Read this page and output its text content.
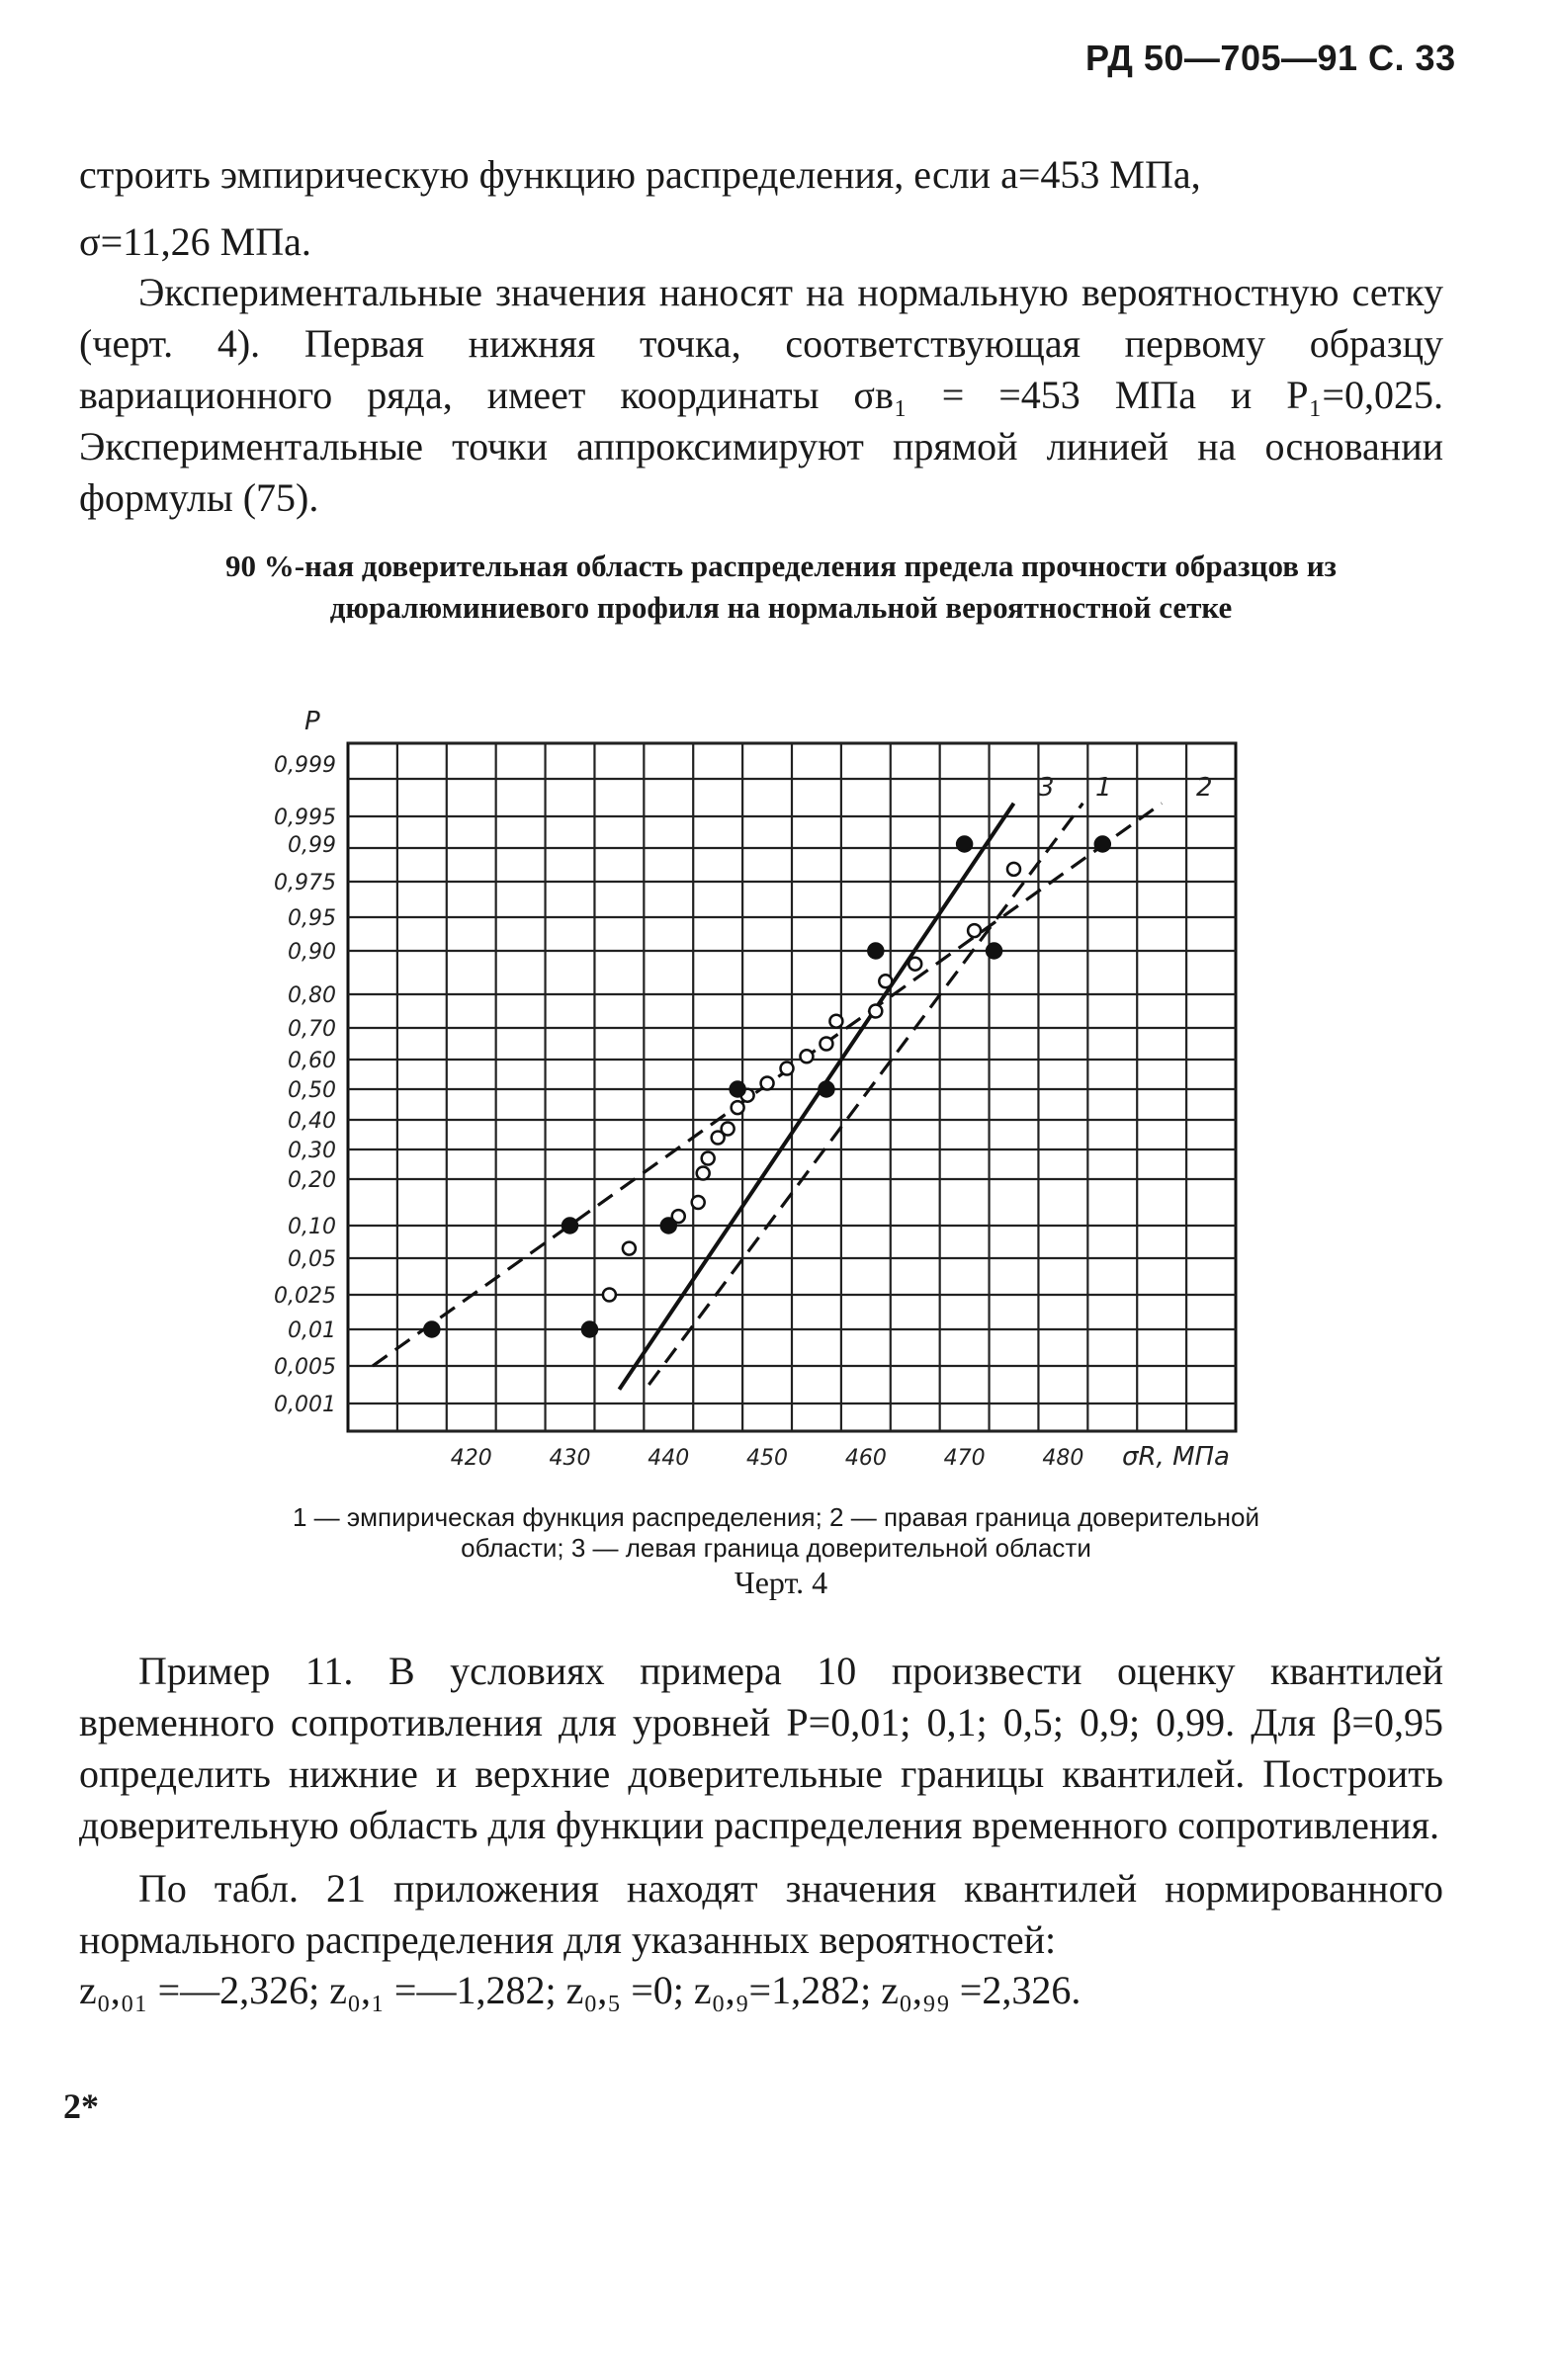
РД 50—705—91 С. 33
строить эмпирическую функцию распределения, если а=453 МПа,
σ=11,26 МПа.
Экспериментальные значения наносят на нормальную вероятностную сетку (черт. 4). Первая нижняя точка, соответствующая первому образцу вариационного ряда, имеет координаты σв₁ = =453 МПа и P₁=0,025. Экспериментальные точки аппроксимируют прямой линией на основании формулы (75).
90 %-ная доверительная область распределения предела прочности образцов из дюралюминиевого профиля на нормальной вероятностной сетке
0,999
0,995
0,99
0,975
0,95
0,90
0,80
0,70
0,60
0,50
0,40
0,30
0,20
0,10
0,05
0,025
0,01
0,005
0,001
420	430	440	450	460	470	480
P
σR, МПа
3 1	2
1 — эмпирическая функция распределения; 2 — правая граница доверительной области; 3 — левая граница доверительной области
Черт. 4
Пример 11. В условиях примера 10 произвести оценку квантилей временного сопротивления для уровней P=0,01; 0,1; 0,5; 0,9; 0,99. Для β=0,95 определить нижние и верхние доверительные границы квантилей. Построить доверительную область для функции распределения временного сопротивления.
По табл. 21 приложения находят значения квантилей нормированного нормального распределения для указанных вероятностей:
z₀,₀₁ =—2,326; z₀,₁ =—1,282; z₀,₅ =0; z₀,₉=1,282; z₀,₉₉ =2,326.
2*
